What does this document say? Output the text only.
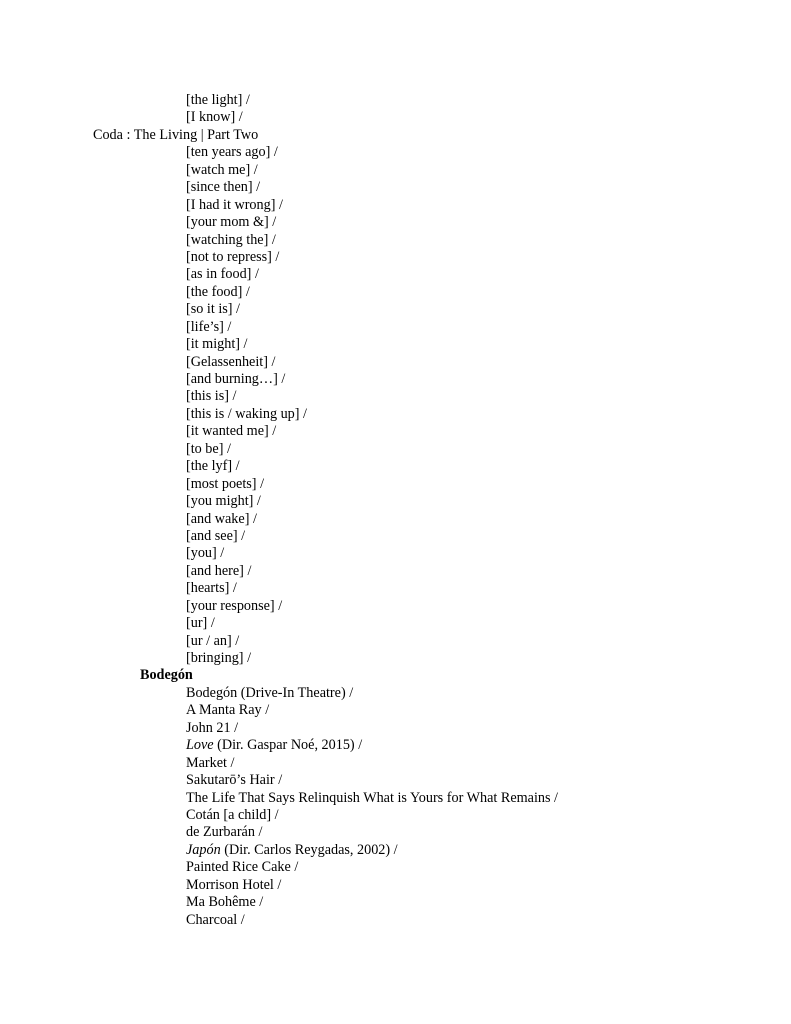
[the light] /
[I know] /
Coda : The Living | Part Two
[ten years ago] /
[watch me] /
[since then] /
[I had it wrong] /
[your mom &] /
[watching the] /
[not to repress] /
[as in food] /
[the food] /
[so it is] /
[life’s] /
[it might] /
[Gelassenheit] /
[and burning…] /
[this is] /
[this is / waking up] /
[it wanted me] /
[to be] /
[the lyf] /
[most poets] /
[you might] /
[and wake] /
[and see] /
[you] /
[and here] /
[hearts] /
[your response] /
[ur] /
[ur / an] /
[bringing] /
Bodegón
Bodegón (Drive-In Theatre) /
A Manta Ray /
John 21 /
Love (Dir. Gaspar Noé, 2015) /
Market /
Sakutarō’s Hair /
The Life That Says Relinquish What is Yours for What Remains /
Cotán [a child] /
de Zurbarán /
Japón (Dir. Carlos Reygadas, 2002) /
Painted Rice Cake /
Morrison Hotel /
Ma Bohême /
Charcoal /
